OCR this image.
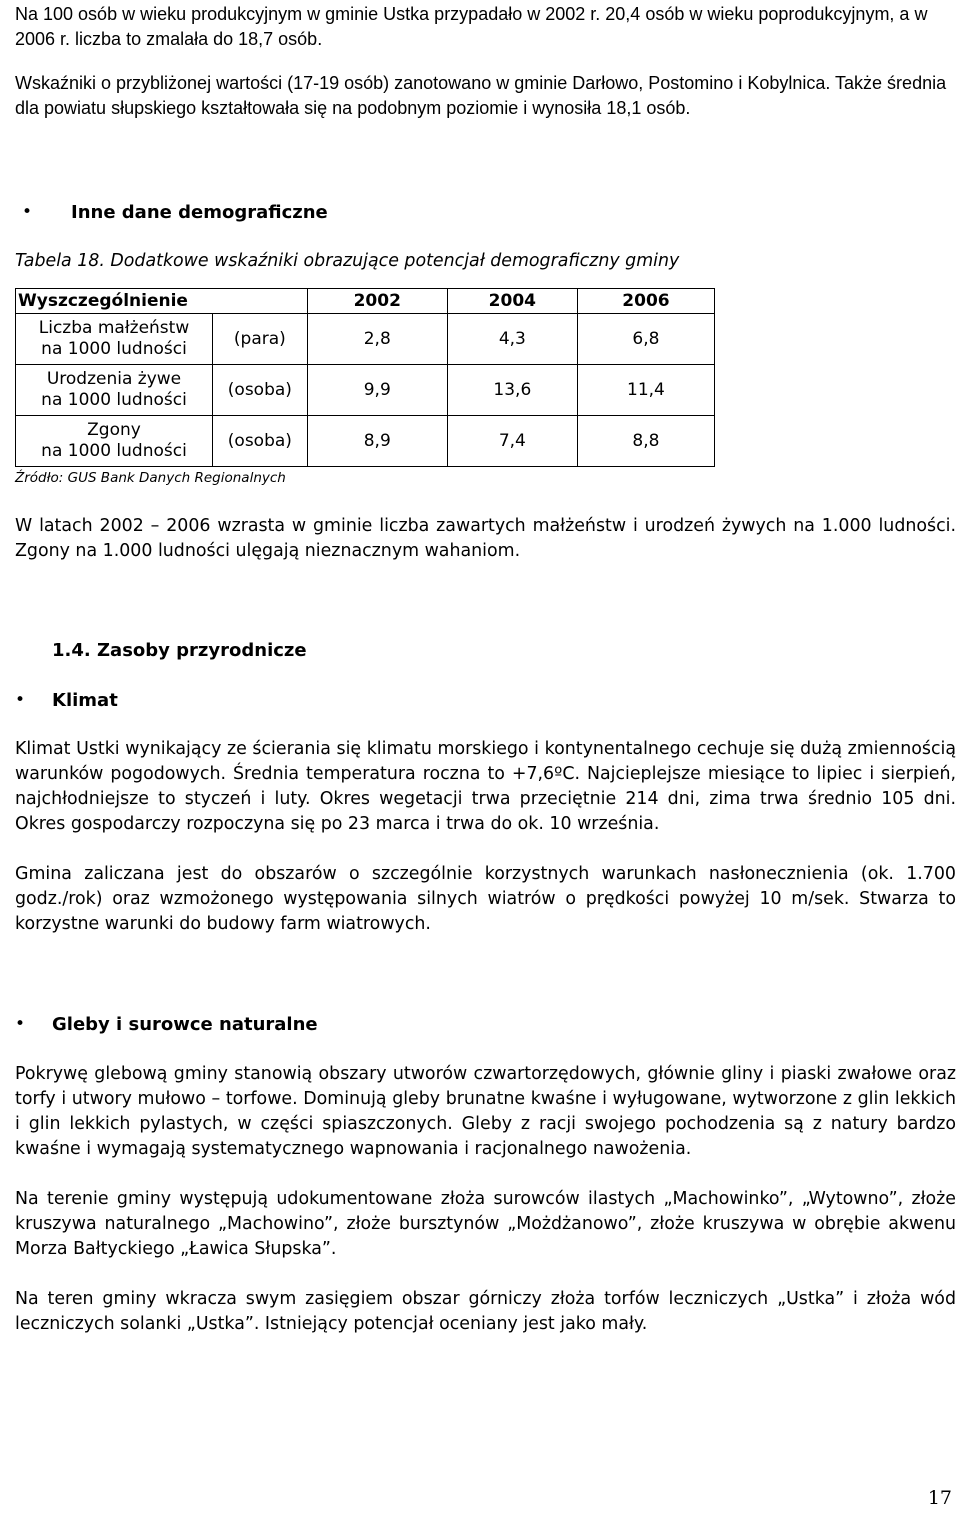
Na 100 osób w wieku produkcyjnym w gminie Ustka przypadało w 2002 r. 20,4 osób w wieku poprodukcyjnym, a w 2006 r. liczba to zmalała do 18,7 osób.

Wskaźniki o przybliżonej wartości (17-19 osób) zanotowano w gminie Darłowo, Postomino i Kobylnica. Także średnia dla powiatu słupskiego kształtowała się na podobnym poziomie i wynosiła 18,1 osób.

• Inne dane demograficzne
Tabela 18. Dodatkowe wskaźniki obrazujące potencjał demograficzny gminy
Wyszczególnienie		2002	2004	2006

Liczba małżeństw
na 1000 ludności	(para)	2,8	4,3	6,8

Urodzenia żywe
na 1000 ludności	(osoba)	9,9	13,6	11,4

Zgony
na 1000 ludności	(osoba)	8,9	7,4	8,8
Źródło: GUS Bank Danych Regionalnych

W latach 2002 – 2006 wzrasta w gminie liczba zawartych małżeństw i urodzeń żywych na 1.000 ludności. Zgony na 1.000 ludności ulęgają nieznacznym wahaniom.

1.4. Zasoby przyrodnicze
• Klimat

Klimat Ustki wynikający ze ścierania się klimatu morskiego i kontynentalnego cechuje się dużą zmiennością warunków pogodowych. Średnia temperatura roczna to +7,6ºC. Najcieplejsze miesiące to lipiec i sierpień, najchłodniejsze to styczeń i luty. Okres wegetacji trwa przeciętnie 214 dni, zima trwa średnio 105 dni. Okres gospodarczy rozpoczyna się po 23 marca i trwa do ok. 10 września.

Gmina zaliczana jest do obszarów o szczególnie korzystnych warunkach nasłonecznienia (ok. 1.700 godz./rok) oraz wzmożonego występowania silnych wiatrów o prędkości powyżej 10 m/sek. Stwarza to korzystne warunki do budowy farm wiatrowych.

• Gleby i surowce naturalne

Pokrywę glebową gminy stanowią obszary utworów czwartorzędowych, głównie gliny i piaski zwałowe oraz torfy i utwory mułowo – torfowe. Dominują gleby brunatne kwaśne i wyługowane, wytworzone z glin lekkich i glin lekkich pylastych, w części spiaszczonych. Gleby z racji swojego pochodzenia są z natury bardzo kwaśne i wymagają systematycznego wapnowania i racjonalnego nawożenia.

Na terenie gminy występują udokumentowane złoża surowców ilastych „Machowinko”, „Wytowno”, złoże kruszywa naturalnego „Machowino”, złoże bursztynów „Możdżanowo”, złoże kruszywa w obrębie akwenu Morza Bałtyckiego „Ławica Słupska”.

Na teren gminy wkracza swym zasięgiem obszar górniczy złoża torfów leczniczych „Ustka” i złoża wód leczniczych solanki „Ustka”. Istniejący potencjał oceniany jest jako mały.

17
